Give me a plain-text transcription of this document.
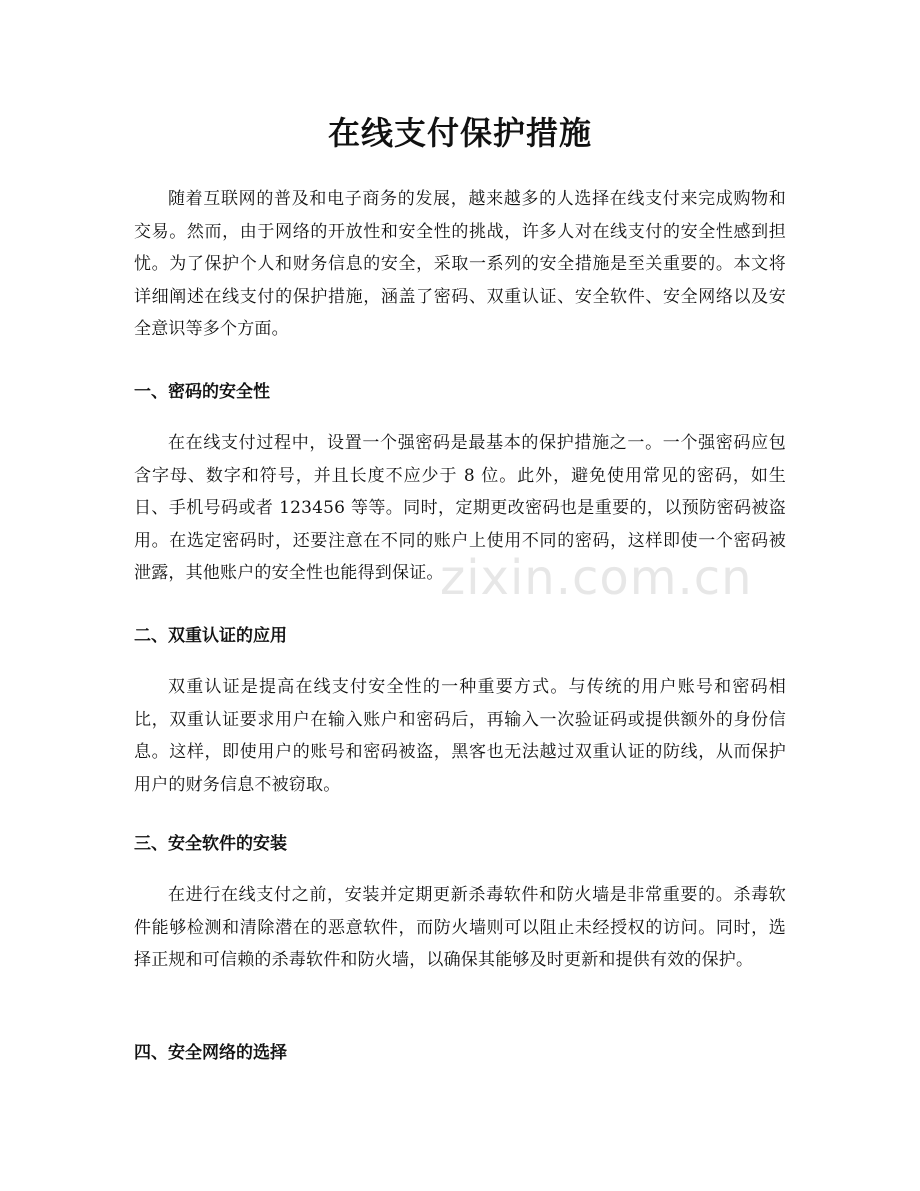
在线支付保护措施

随着互联网的普及和电子商务的发展，越来越多的人选择在线支付来完成购物和交易。然而，由于网络的开放性和安全性的挑战，许多人对在线支付的安全性感到担忧。为了保护个人和财务信息的安全，采取一系列的安全措施是至关重要的。本文将详细阐述在线支付的保护措施，涵盖了密码、双重认证、安全软件、安全网络以及安全意识等多个方面。

一、密码的安全性

在在线支付过程中，设置一个强密码是最基本的保护措施之一。一个强密码应包含字母、数字和符号，并且长度不应少于 8 位。此外，避免使用常见的密码，如生日、手机号码或者 123456 等等。同时，定期更改密码也是重要的，以预防密码被盗用。在选定密码时，还要注意在不同的账户上使用不同的密码，这样即使一个密码被泄露，其他账户的安全性也能得到保证。

二、双重认证的应用

双重认证是提高在线支付安全性的一种重要方式。与传统的用户账号和密码相比，双重认证要求用户在输入账户和密码后，再输入一次验证码或提供额外的身份信息。这样，即使用户的账号和密码被盗，黑客也无法越过双重认证的防线，从而保护用户的财务信息不被窃取。

三、安全软件的安装

在进行在线支付之前，安装并定期更新杀毒软件和防火墙是非常重要的。杀毒软件能够检测和清除潜在的恶意软件，而防火墙则可以阻止未经授权的访问。同时，选择正规和可信赖的杀毒软件和防火墙，以确保其能够及时更新和提供有效的保护。

四、安全网络的选择
zixin.com.cn
